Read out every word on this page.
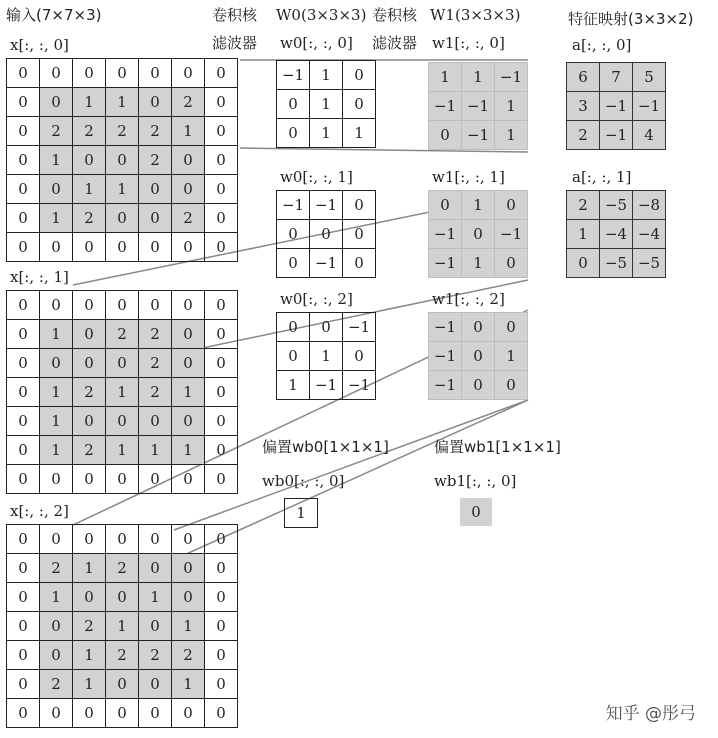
输入(7×7×3)
x[:, :, 0]
0	0	0	0	0	0	0
0	0	1	1	0	2	0
0	2	2	2	2	1	0
0	1	0	0	2	0	0
0	0	1	1	0	0	0
0	1	2	0	0	2	0
0	0	0	0	0	0	0
x[:, :, 1]
0	0	0	0	0	0	0
0	1	0	2	2	0	0
0	0	0	0	2	0	0
0	1	2	1	2	1	0
0	1	0	0	0	0	0
0	1	2	1	1	1	0
0	0	0	0	0	0	0
x[:, :, 2]
0	0	0	0	0	0	0
0	2	1	2	0	0	0
0	1	0	0	1	0	0
0	0	2	1	0	1	0
0	0	1	2	2	2	0
0	2	1	0	0	1	0
0	0	0	0	0	0	0
卷积核 W0(3×3×3)
滤波器 w0[:, :, 0]
−1	1	0
0	1	0
0	1	1
w0[:, :, 1]
−1	−1	0
0	0	0
0	−1	0
w0[:, :, 2]
0	0	−1
0	1	0
1	−1	−1
卷积核 W1(3×3×3)
滤波器 w1[:, :, 0]
1	1	−1
−1	−1	1
0	−1	1
w1[:, :, 1]
0	1	0
−1	0	−1
−1	1	0
w1[:, :, 2]
−1	0	0
−1	0	1
−1	0	0
特征映射(3×3×2)
a[:, :, 0]
6	7	5
3	−1	−1
2	−1	4
a[:, :, 1]
2	−5	−8
1	−4	−4
0	−5	−5
偏置wb0[1×1×1]
wb0[:, :, 0]
1
偏置wb1[1×1×1]
wb1[:, :, 0]
0
知乎 @彤弓
